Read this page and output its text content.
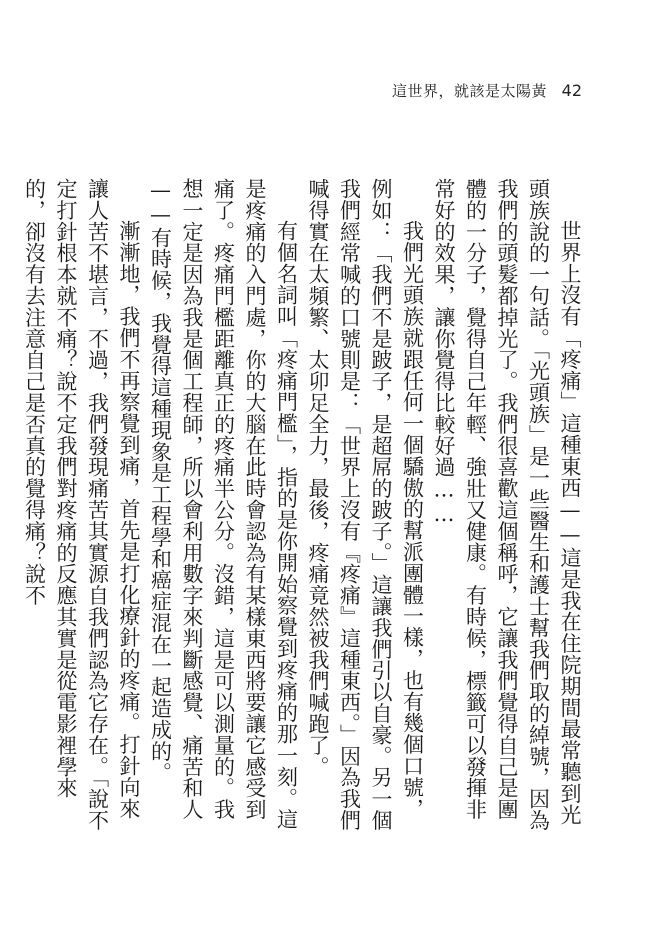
這世界，就該是太陽黃 42

世界上沒有「疼痛」這種東西——這是我在住院期間最常聽到光頭族說的一句話。「光頭族」是一些醫生和護士幫我們取的綽號，因為我們的頭髮都掉光了。我們很喜歡這個稱呼，它讓我們覺得自己是團體的一分子，覺得自己年輕、強壯又健康。有時候，標籤可以發揮非常好的效果，讓你覺得比較好過……

我們光頭族就跟任何一個驕傲的幫派團體一樣，也有幾個口號，例如：「我們不是跛子，是超屌的跛子。」這讓我們引以自豪。另一個我們經常喊的口號則是：「世界上沒有『疼痛』這種東西。」因為我們喊得實在太頻繁、太卯足全力，最後，疼痛竟然被我們喊跑了。

有個名詞叫「疼痛門檻」，指的是你開始察覺到疼痛的那一刻。這是疼痛的入門處，你的大腦在此時會認為有某樣東西將要讓它感受到痛了。疼痛門檻距離真正的疼痛半公分。沒錯，這是可以測量的。我想一定是因為我是個工程師，所以會利用數字來判斷感覺、痛苦和人——有時候，我覺得這種現象是工程學和癌症混在一起造成的。

漸漸地，我們不再察覺到痛，首先是打化療針的疼痛。打針向來讓人苦不堪言，不過，我們發現痛苦其實源自我們認為它存在。「說不定打針根本就不痛？說不定我們對疼痛的反應其實是從電影裡學來的，卻沒有去注意自己是否真的覺得痛？說不
